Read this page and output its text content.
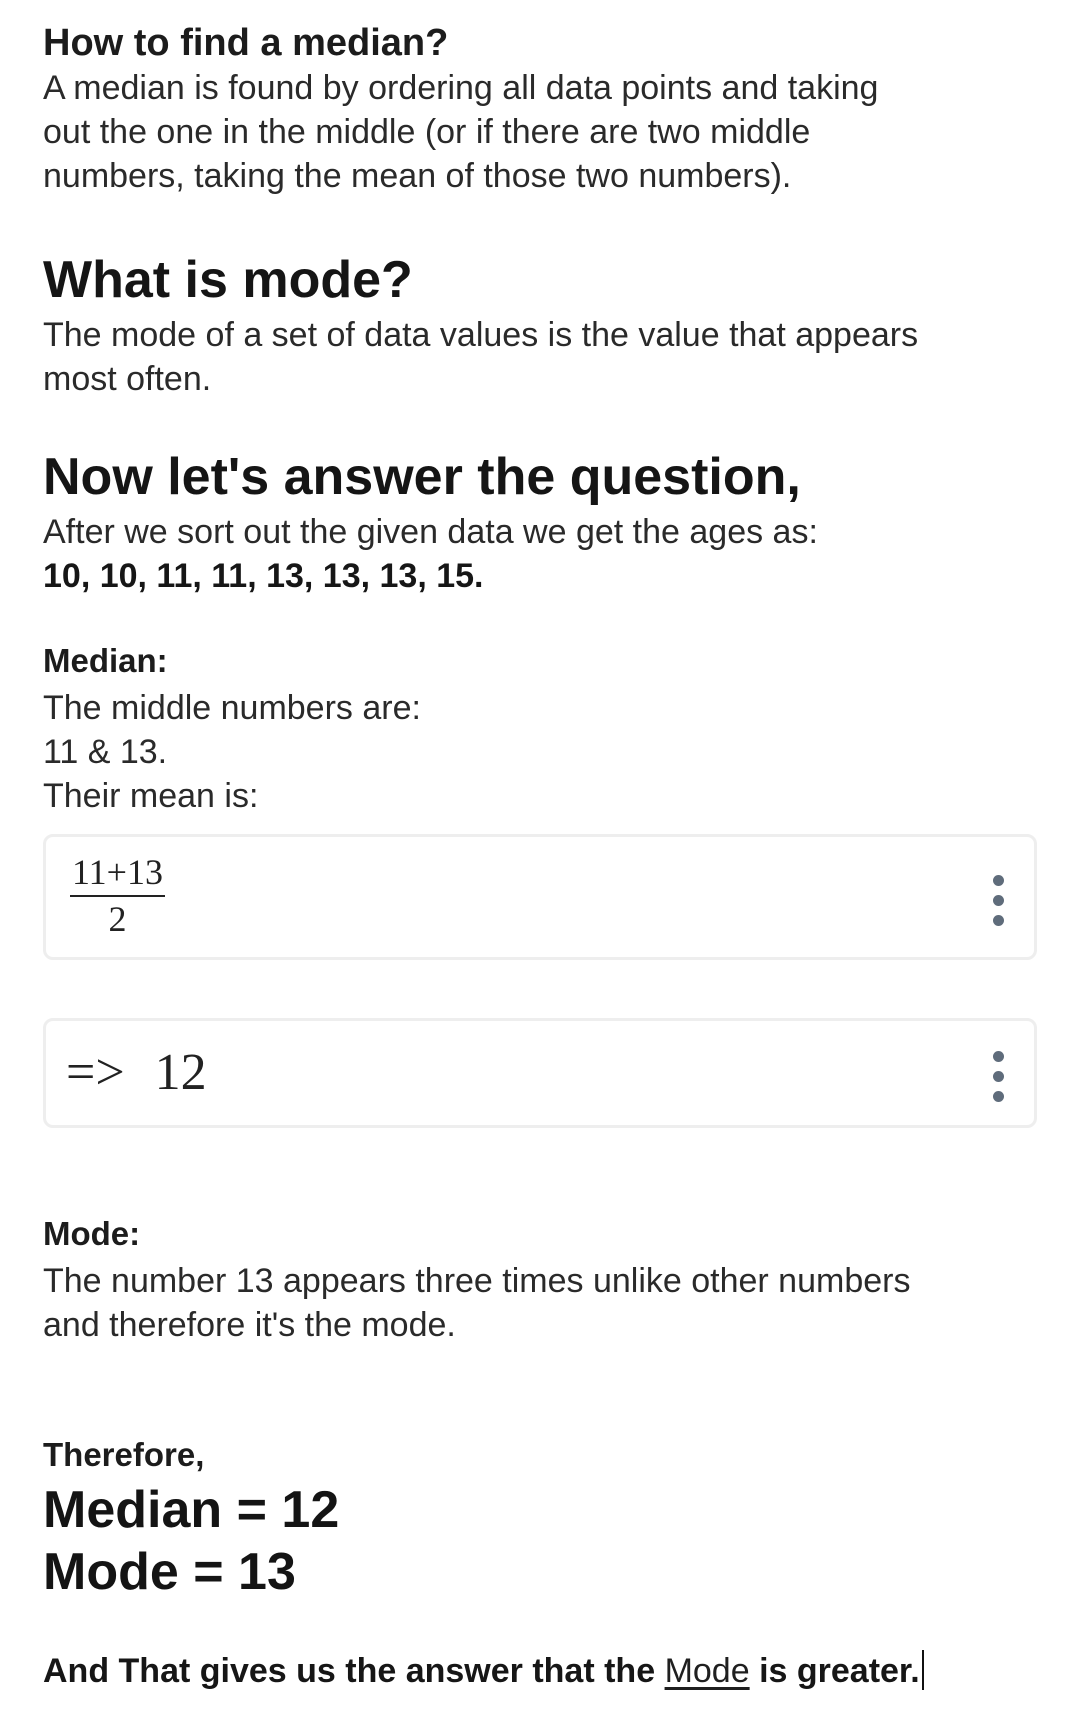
How to find a median?
A median is found by ordering all data points and taking
out the one in the middle (or if there are two middle
numbers, taking the mean of those two numbers).
What is mode?
The mode of a set of data values is the value that appears
most often.
Now let's answer the question,
After we sort out the given data we get the ages as:
10, 10, 11, 11, 13, 13, 13, 15.
Median:
The middle numbers are:
11 & 13.
Their mean is:
$\frac{11+13}{2}$
=> 12
Mode:
The number 13 appears three times unlike other numbers
and therefore it's the mode.
Therefore,
Median = 12
Mode = 13
And That gives us the answer that the Mode is greater.
